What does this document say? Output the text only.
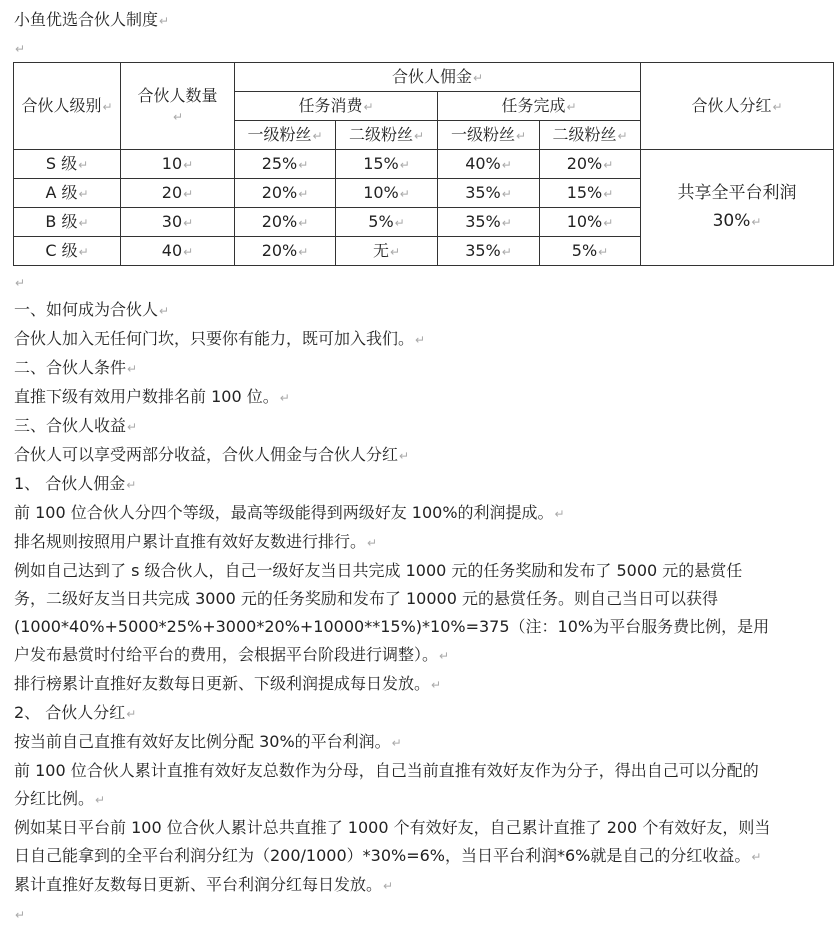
小鱼优选合伙人制度↵
↵
合伙人级别↵	合伙人数量↵	合伙人佣金↵				合伙人分红↵
		任务消费↵		任务完成↵		
		一级粉丝↵	二级粉丝↵	一级粉丝↵	二级粉丝↵	
S 级↵	10↵	25%↵	15%↵	40%↵	20%↵	共享全平台利润
30%↵

A 级↵	20↵	20%↵	10%↵	35%↵	15%↵	
B 级↵	30↵	20%↵	5%↵	35%↵	10%↵	
C 级↵	40↵	20%↵	无↵	35%↵	5%↵	
↵
一、如何成为合伙人↵
合伙人加入无任何门坎，只要你有能力，既可加入我们。↵
二、合伙人条件↵
直推下级有效用户数排名前 100 位。↵
三、合伙人收益↵
合伙人可以享受两部分收益，合伙人佣金与合伙人分红↵
1、 合伙人佣金↵
前 100 位合伙人分四个等级，最高等级能得到两级好友 100%的利润提成。↵
排名规则按照用户累计直推有效好友数进行排行。↵
例如自己达到了 s 级合伙人，自己一级好友当日共完成 1000 元的任务奖励和发布了 5000 元的悬赏任务，二级好友当日共完成 3000 元的任务奖励和发布了 10000 元的悬赏任务。则自己当日可以获得(1000*40%+5000*25%+3000*20%+10000**15%)*10%=375（注：10%为平台服务费比例，是用户发布悬赏时付给平台的费用，会根据平台阶段进行调整）。↵
排行榜累计直推好友数每日更新、下级利润提成每日发放。↵
2、 合伙人分红↵
按当前自己直推有效好友比例分配 30%的平台利润。↵
前 100 位合伙人累计直推有效好友总数作为分母，自己当前直推有效好友作为分子，得出自己可以分配的分红比例。↵
例如某日平台前 100 位合伙人累计总共直推了 1000 个有效好友，自己累计直推了 200 个有效好友，则当日自己能拿到的全平台利润分红为（200/1000）*30%=6%，当日平台利润*6%就是自己的分红收益。↵
累计直推好友数每日更新、平台利润分红每日发放。↵
↵
